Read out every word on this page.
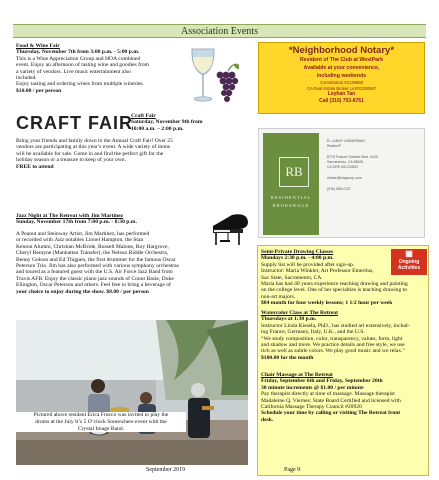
Association Events
Food & Wine Fair
Thursday, November 7th from 3:00 p.m. - 5:00 p.m.
This is a Wine Appreciation Group and HOA combined
event. Enjoy an afternoon of tasting wine and goodies from
a variety of vendors. Live music entertainment also
included.
Enjoy tasting and ordering wines from multiple wineries.
$10.00 / per person
*Neighborhood Notary*
Resident of The Club at WestPark
Available at your convenience,
including weekends
Commission #2139898
CA Real Estate Broker Lic#01250667
Leyhan Tan
Call (310) 753-8761
CRAFT FAIR
Craft Fair
Saturday, November 9th from
10:00 a.m. – 2:00 p.m.
Bring your friends and family down to the Annual Craft Fair! Over 25
vendors are participating at this year’s event. A wide variety of items
will be available for sale. Come in and find the perfect gift for the
holiday season or a treasure to keep of your own.
FREE to attend	RB
RESIDENTIAL
BROKERAGE
R. LANNY LINDERMAN
Realtor®
8775 Folsom Outside Blvd. #100
Sacramento, CA 95826
CA DRE #01234567
rlinder@rbsgroup.com
(916) 555-0137
Jazz Night at The Retreat with Jim Martinez
Sunday, November 17th from 7:00 p.m. - 8:30 p.m.
A Peanut and Steinway Artist, Jim Martinez, has performed
or recorded with Jazz notables Lionel Hampton, the Stan
Kenton Alumni, Christian McBride, Russell Malone, Roy Hargrove,
Cheryl Bentyne (Manhattan Transfer), the Nelson Riddle Orchestra,
Benny Golson and Ed Thigpen, the first drummer for the famous Oscar
Peterson Trio. Jim has also performed with various symphony orchestras
and toured as a featured guest with the U.S. Air Force Jazz Band from
Travis AFB. Enjoy the classic piano jazz sounds of Count Basie, Duke
Ellington, Oscar Peterson and others. Feel free to bring a beverage of
your choice to enjoy during the show. $8.00 / per person
Pictured above resident Erica Frucco was invited to play the
drums at the July It’s 5 O’clock Somewhere event with the
Crystal Image Band.
▦
Ongoing
Activities
Semi-Private Drawing Classes
Mondays 2:30 p.m. - 4:00 p.m.
Supply list will be provided after sign-up.
Instructor: Maria Winkler, Art Professor Emeritus,
Sac State, Sacramento, CA
Maria has had 40 years experience teaching drawing and painting
on the college level. One of her specialties is teaching drawing to
non-art majors.
$84 month for four weekly lessons; 1 1/2 hour per week
Watercolor Class at The Retreat
Thursdays at 1:30 p.m.
Instructor Linda Kissela, PhD., has studied art extensively, includ-
ing France, Germany, Italy, U.K., and the U.S.
“We study composition, color, transparency, values, form, light
and shadow and more. We practice details and free style, we use
rich as well as subtle colors. We play good music and we relax.”
$100.00 for the month
Chair Massage at The Retreat
Friday, September 6th and Friday, September 20th
30 minute increments @ $1.00 / per minute
Pay therapist directly at time of massage. Massage therapist
Madaleine Q. Viernes: State Board Certified and licensed with
California Massage Therapy Council #20920
Schedule your time by calling or visiting The Retreat front
desk.
September 2019	Page 9
